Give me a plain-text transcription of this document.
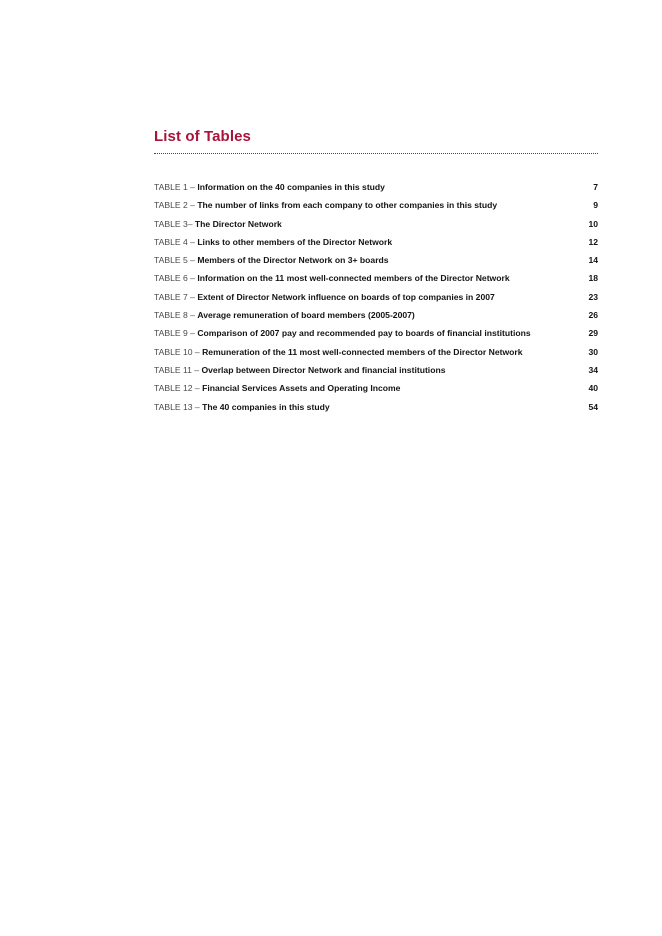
List of Tables
TABLE 1 – Information on the 40 companies in this study	7
TABLE 2 – The number of links from each company to other companies in this study	9
TABLE 3– The Director Network	10
TABLE 4 – Links to other members of the Director Network	12
TABLE 5 – Members of the Director Network on 3+ boards	14
TABLE 6 – Information on the 11 most well-connected members of the Director Network	18
TABLE 7 – Extent of Director Network influence on boards of top companies in 2007	23
TABLE 8 – Average remuneration of board members (2005-2007)	26
TABLE 9 – Comparison of 2007 pay and recommended pay to boards of financial institutions	29
TABLE 10 – Remuneration of the 11 most well-connected members of the Director Network	30
TABLE 11 – Overlap between Director Network and financial institutions	34
TABLE 12 – Financial Services Assets and Operating Income	40
TABLE 13 – The 40 companies in this study	54
